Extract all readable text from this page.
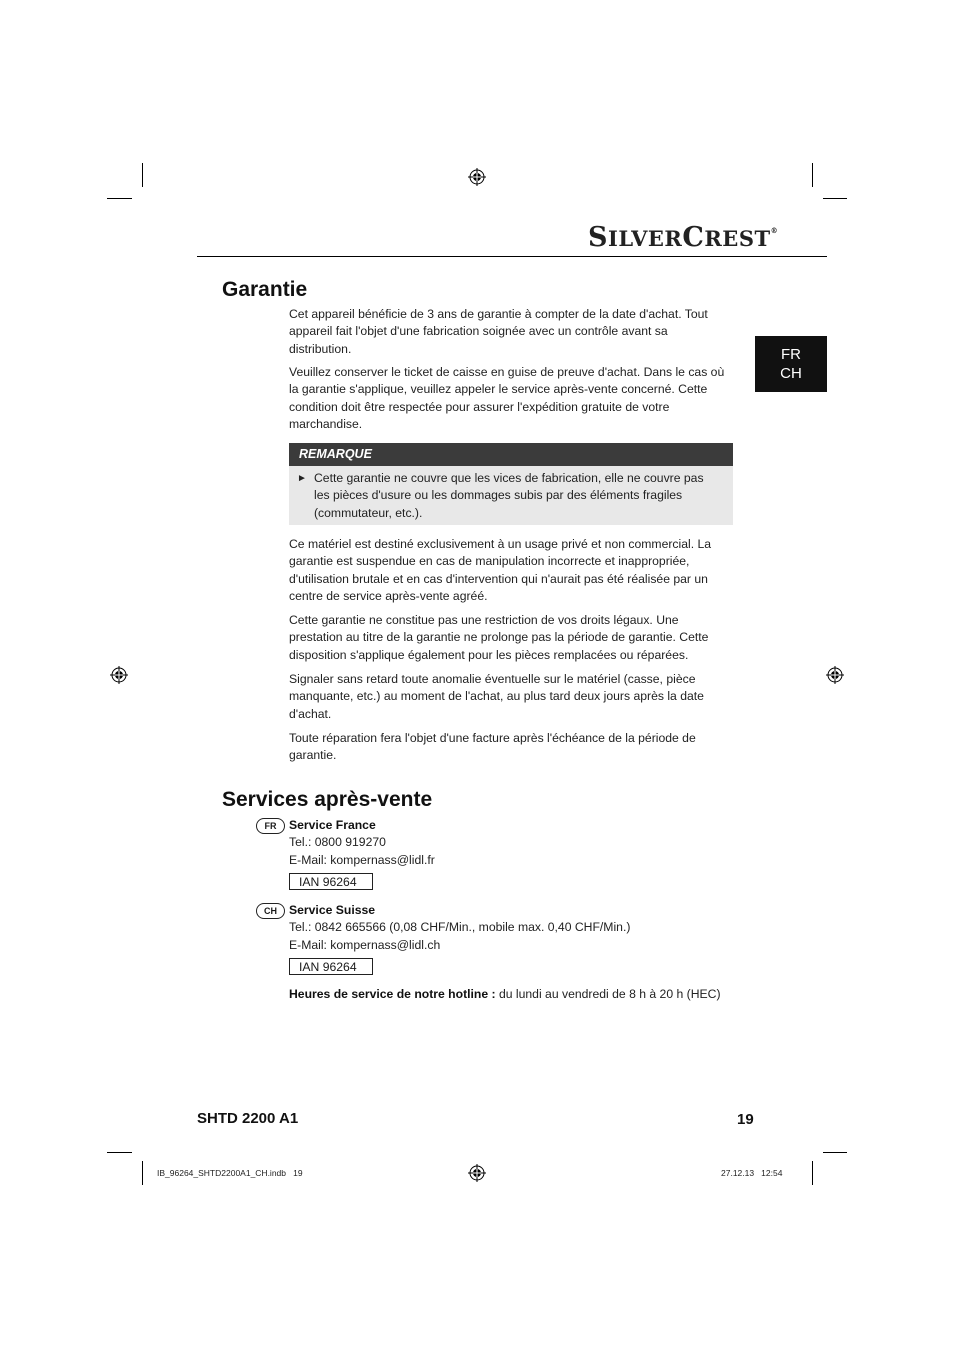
SILVERCREST®
FR
CH
Garantie

Cet appareil bénéficie de 3 ans de garantie à compter de la date d'achat. Tout appareil fait l'objet d'une fabrication soignée avec un contrôle avant sa distribution.

Veuillez conserver le ticket de caisse en guise de preuve d'achat. Dans le cas où la garantie s'applique, veuillez appeler le service après-vente concerné. Cette condition doit être respectée pour assurer l'expédition gratuite de votre marchandise.

REMARQUE
► Cette garantie ne couvre que les vices de fabrication, elle ne couvre pas les pièces d'usure ou les dommages subis par des éléments fragiles (commutateur, etc.).

Ce matériel est destiné exclusivement à un usage privé et non commercial. La garantie est suspendue en cas de manipulation incorrecte et inappropriée, d'utilisation brutale et en cas d'intervention qui n'aurait pas été réalisée par un centre de service après-vente agréé.

Cette garantie ne constitue pas une restriction de vos droits légaux. Une prestation au titre de la garantie ne prolonge pas la période de garantie. Cette disposition s'applique également pour les pièces remplacées ou réparées.

Signaler sans retard toute anomalie éventuelle sur le matériel (casse, pièce manquante, etc.) au moment de l'achat, au plus tard deux jours après la date d'achat.

Toute réparation fera l'objet d'une facture après l'échéance de la période de garantie.

Services après-vente
FR	Service France
Tel.: 0800 919270
E-Mail: kompernass@lidl.fr
IAN 96264
CH Service Suisse
Tel.: 0842 665566 (0,08 CHF/Min., mobile max. 0,40 CHF/Min.)
E-Mail: kompernass@lidl.ch
IAN 96264
Heures de service de notre hotline : du lundi au vendredi de 8 h à 20 h (HEC)
SHTD 2200 A1	19
IB_96264_SHTD2200A1_CH.indb   19	27.12.13   12:54
